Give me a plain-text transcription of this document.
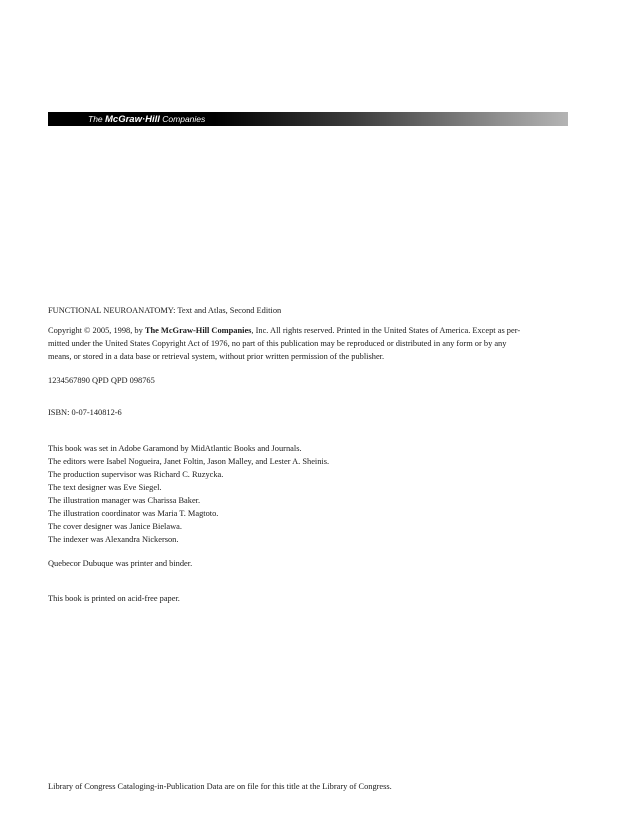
The McGraw·Hill Companies

FUNCTIONAL NEUROANATOMY: Text and Atlas, Second Edition

Copyright © 2005, 1998, by The McGraw-Hill Companies, Inc. All rights reserved. Printed in the United States of America. Except as per-
mitted under the United States Copyright Act of 1976, no part of this publication may be reproduced or distributed in any form or by any
means, or stored in a data base or retrieval system, without prior written permission of the publisher.

1234567890 QPD QPD 098765

ISBN: 0-07-140812-6

This book was set in Adobe Garamond by MidAtlantic Books and Journals.
The editors were Isabel Nogueira, Janet Foltin, Jason Malley, and Lester A. Sheinis.
The production supervisor was Richard C. Ruzycka.
The text designer was Eve Siegel.
The illustration manager was Charissa Baker.
The illustration coordinator was Maria T. Magtoto.
The cover designer was Janice Bielawa.
The indexer was Alexandra Nickerson.

Quebecor Dubuque was printer and binder.

This book is printed on acid-free paper.

Library of Congress Cataloging-in-Publication Data are on file for this title at the Library of Congress.
